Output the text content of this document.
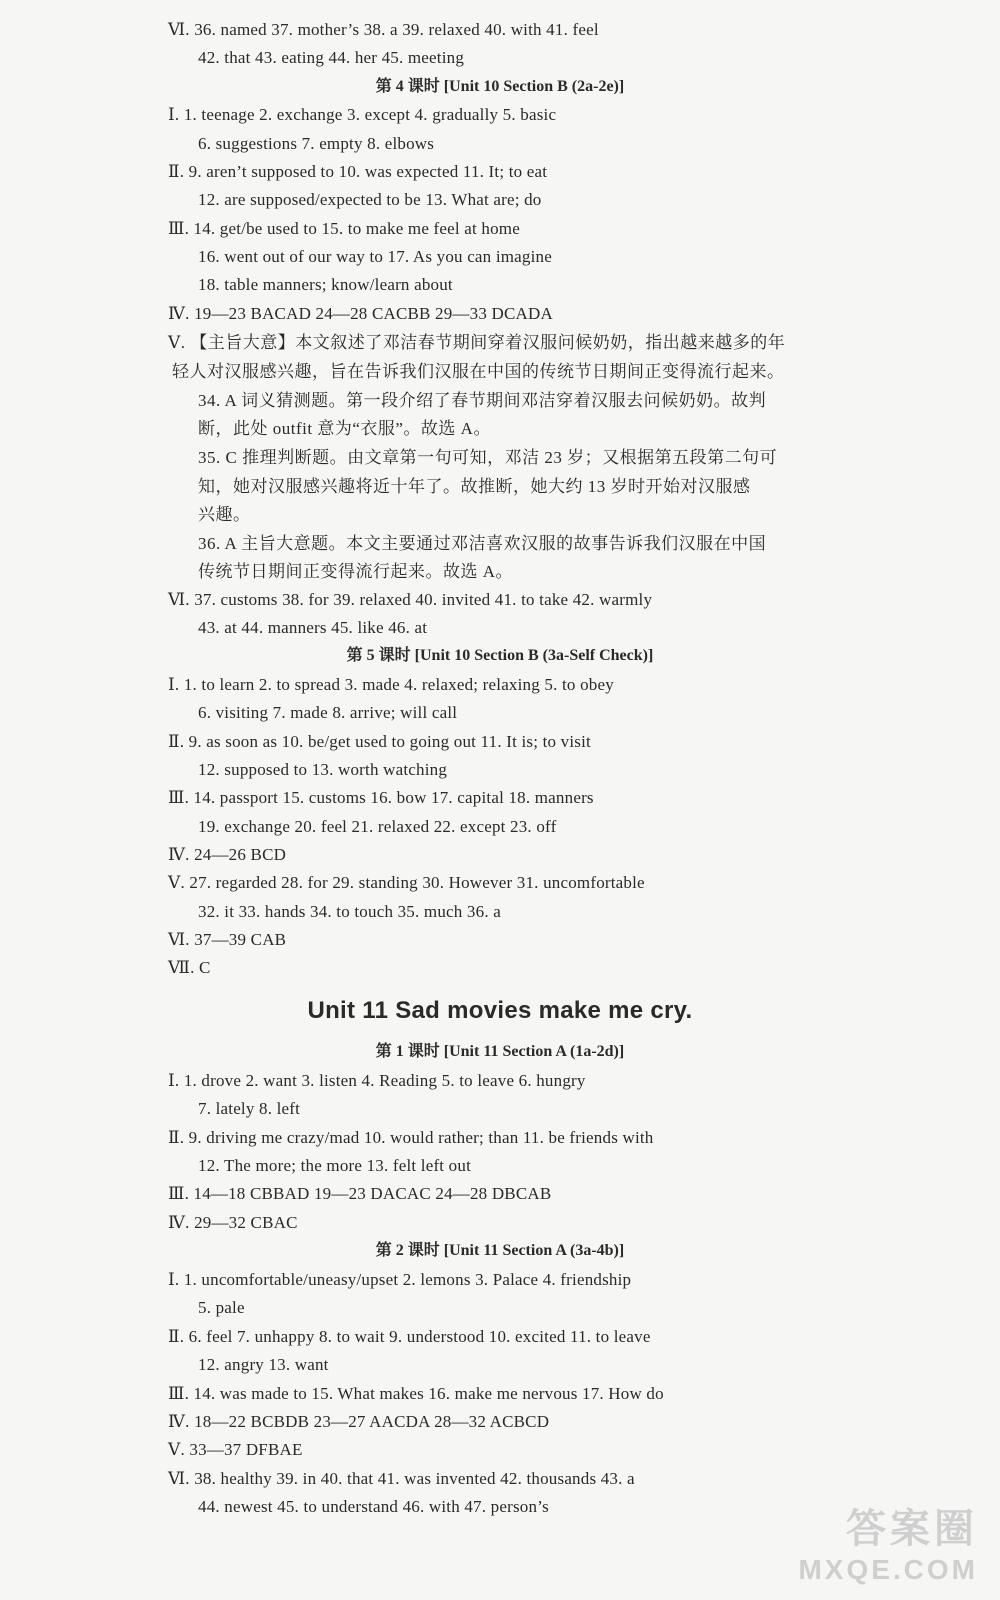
Ⅵ. 36. named 37. mother’s 38. a 39. relaxed 40. with 41. feel
42. that 43. eating 44. her 45. meeting
第 4 课时 [Unit 10 Section B (2a-2e)]
Ⅰ. 1. teenage 2. exchange 3. except 4. gradually 5. basic
6. suggestions 7. empty 8. elbows
Ⅱ. 9. aren’t supposed to 10. was expected 11. It; to eat
12. are supposed/expected to be 13. What are; do
Ⅲ. 14. get/be used to 15. to make me feel at home
16. went out of our way to 17. As you can imagine
18. table manners; know/learn about
Ⅳ. 19—23 BACAD 24—28 CACBB 29—33 DCADA
Ⅴ. 【主旨大意】本文叙述了邓洁春节期间穿着汉服问候奶奶，指出越来越多的年
轻人对汉服感兴趣，旨在告诉我们汉服在中国的传统节日期间正变得流行起来。
34. A 词义猜测题。第一段介绍了春节期间邓洁穿着汉服去问候奶奶。故判
断，此处 outfit 意为“衣服”。故选 A。
35. C 推理判断题。由文章第一句可知，邓洁 23 岁；又根据第五段第二句可
知，她对汉服感兴趣将近十年了。故推断，她大约 13 岁时开始对汉服感
兴趣。
36. A 主旨大意题。本文主要通过邓洁喜欢汉服的故事告诉我们汉服在中国
传统节日期间正变得流行起来。故选 A。
Ⅵ. 37. customs 38. for 39. relaxed 40. invited 41. to take 42. warmly
43. at 44. manners 45. like 46. at
第 5 课时 [Unit 10 Section B (3a-Self Check)]
Ⅰ. 1. to learn 2. to spread 3. made 4. relaxed; relaxing 5. to obey
6. visiting 7. made 8. arrive; will call
Ⅱ. 9. as soon as 10. be/get used to going out 11. It is; to visit
12. supposed to 13. worth watching
Ⅲ. 14. passport 15. customs 16. bow 17. capital 18. manners
19. exchange 20. feel 21. relaxed 22. except 23. off
Ⅳ. 24—26 BCD
Ⅴ. 27. regarded 28. for 29. standing 30. However 31. uncomfortable
32. it 33. hands 34. to touch 35. much 36. a
Ⅵ. 37—39 CAB
Ⅶ. C
Unit 11 Sad movies make me cry.
第 1 课时 [Unit 11 Section A (1a-2d)]
Ⅰ. 1. drove 2. want 3. listen 4. Reading 5. to leave 6. hungry
7. lately 8. left
Ⅱ. 9. driving me crazy/mad 10. would rather; than 11. be friends with
12. The more; the more 13. felt left out
Ⅲ. 14—18 CBBAD 19—23 DACAC 24—28 DBCAB
Ⅳ. 29—32 CBAC
第 2 课时 [Unit 11 Section A (3a-4b)]
Ⅰ. 1. uncomfortable/uneasy/upset 2. lemons 3. Palace 4. friendship
5. pale
Ⅱ. 6. feel 7. unhappy 8. to wait 9. understood 10. excited 11. to leave
12. angry 13. want
Ⅲ. 14. was made to 15. What makes 16. make me nervous 17. How do
Ⅳ. 18—22 BCBDB 23—27 AACDA 28—32 ACBCD
Ⅴ. 33—37 DFBAE
Ⅵ. 38. healthy 39. in 40. that 41. was invented 42. thousands 43. a
44. newest 45. to understand 46. with 47. person’s
答案圈
MXQE.COM
